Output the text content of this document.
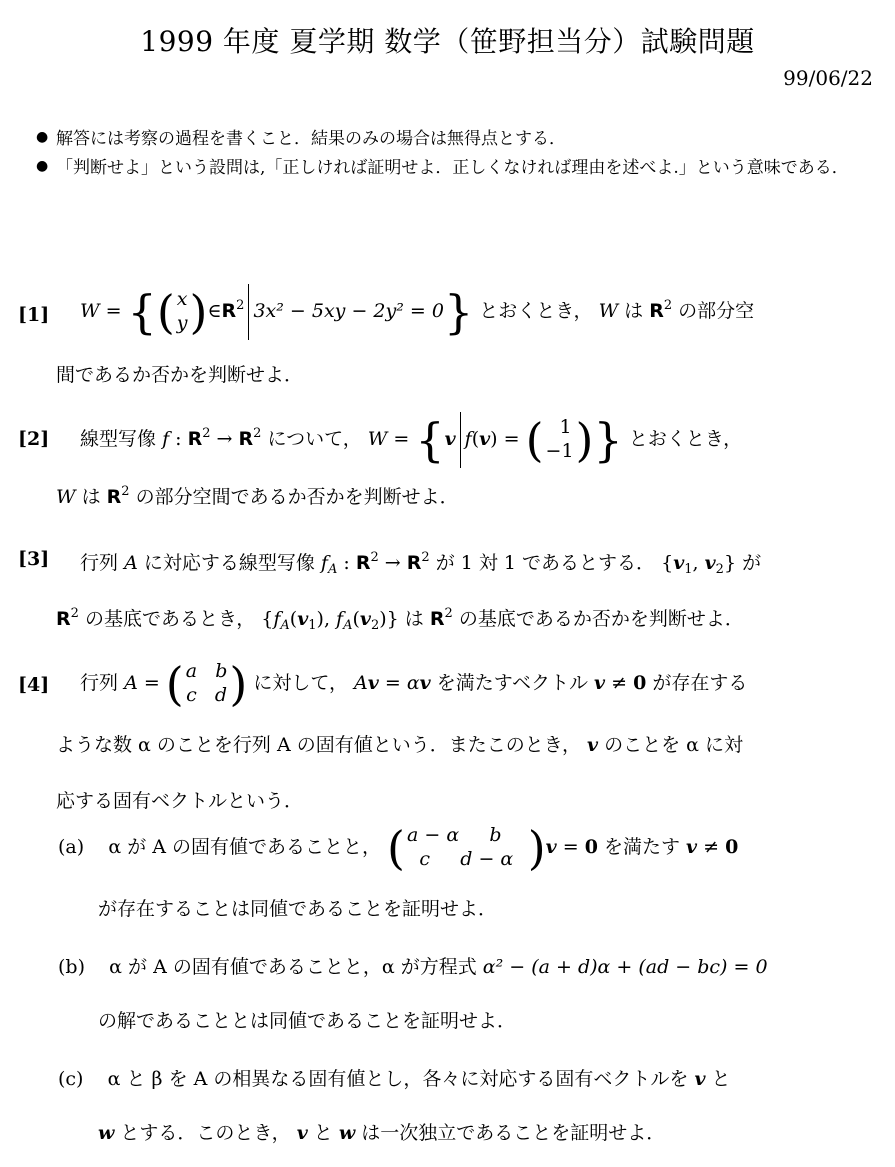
1999 年度 夏学期 数学（笹野担当分）試験問題
99/06/22
● 解答には考察の過程を書くこと．結果のみの場合は無得点とする．
● 「判断せよ」という設問は,「正しければ証明せよ．正しくなければ理由を述べよ.」という意味である．
[1] W = {( x
y )$\in R^2$ 3x² − 5xy − 2y² = 0} とおくとき， W は $R^2$ の部分空
間であるか否かを判断せよ．
[2] 線型写像 f : $R^2 \to R^2$ について， W = {v f(v) = ( 1
−1 )} とおくとき，
W は $R^2$ の部分空間であるか否かを判断せよ．
[3] 行列 A に対応する線型写像 $f_A$ : $R^2 \to R^2$ が 1 対 1 であるとする． {$v_1$, $v_2$} が
$R^2$ の基底であるとき， {$f_A(v_1)$, $f_A(v_2)$} は $R^2$ の基底であるか否かを判断せよ．
[4] 行列 A = ( a   b
c   d ) に対して， Av = αv を満たすベクトル v ≠ 0 が存在する
ような数 α のことを行列 A の固有値という．またこのとき， v のことを α に対
応する固有ベクトルという．
(a) α が A の固有値であることと， ( a − α     b
c     d − α )v = 0 を満たす v ≠ 0
が存在することは同値であることを証明せよ．
(b) α が A の固有値であることと，α が方程式 α² − (a + d)α + (ad − bc) = 0
の解であることとは同値であることを証明せよ．
(c) α と β を A の相異なる固有値とし，各々に対応する固有ベクトルを v と
w とする．このとき， v と w は一次独立であることを証明せよ．
